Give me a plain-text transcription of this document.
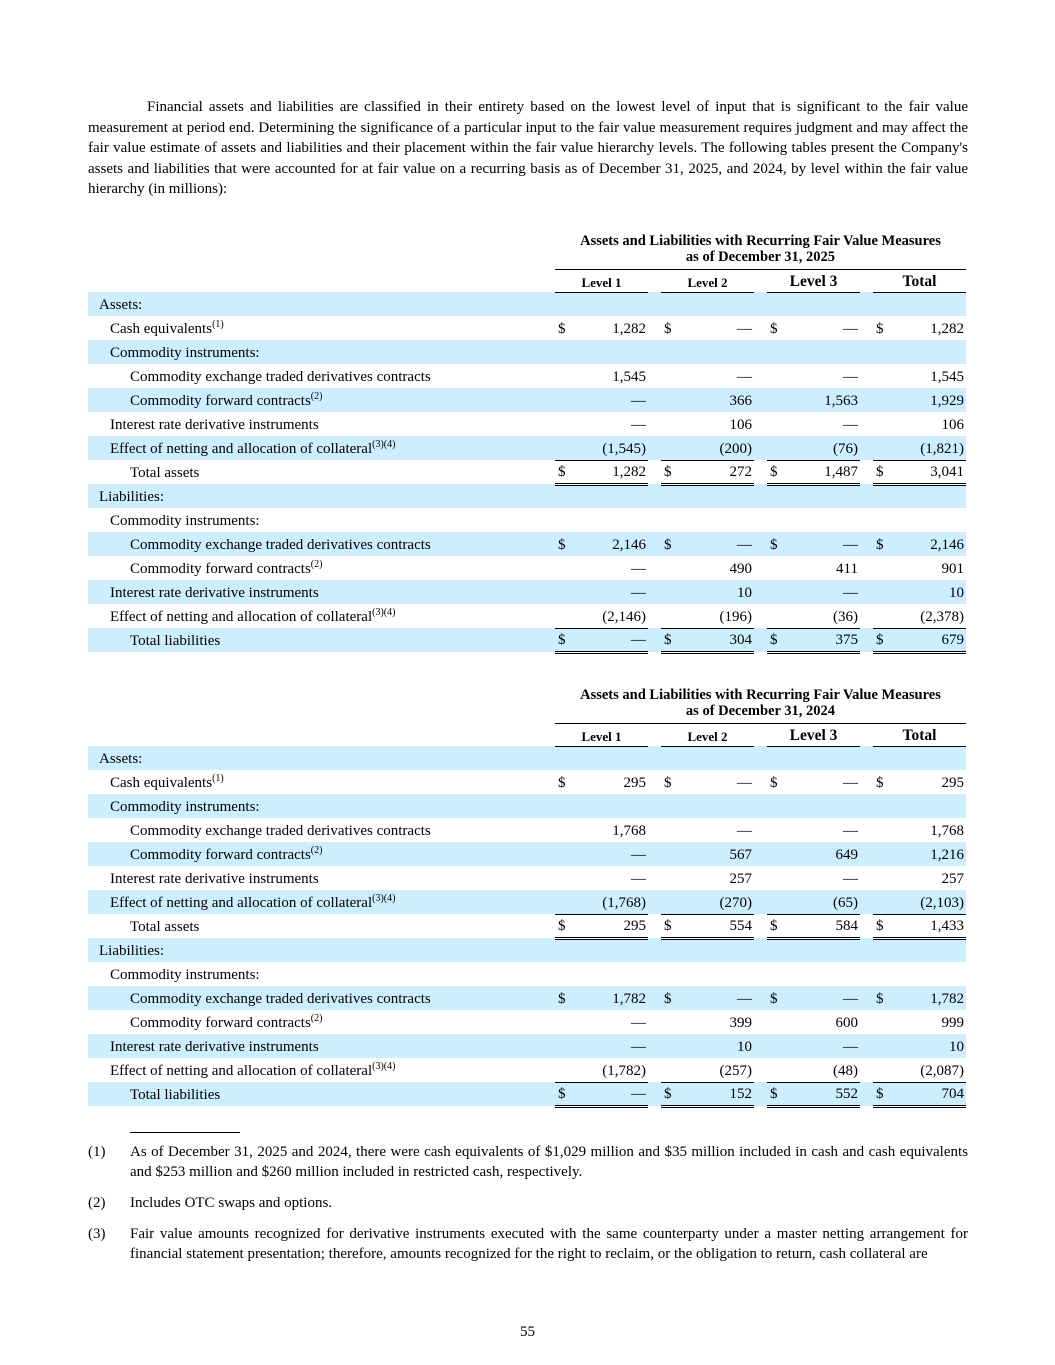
Financial assets and liabilities are classified in their entirety based on the lowest level of input that is significant to the fair value measurement at period end. Determining the significance of a particular input to the fair value measurement requires judgment and may affect the fair value estimate of assets and liabilities and their placement within the fair value hierarchy levels. The following tables present the Company's assets and liabilities that were accounted for at fair value on a recurring basis as of December 31, 2025, and 2024, by level within the fair value hierarchy (in millions):

	Assets and Liabilities with Recurring Fair Value Measures
as of December 31, 2025										

	Level 1			Level 2			Level 3			Total	
Assets:											
Cash equivalents$^{(1)}$	$	1,282		$	—		$	—		$	1,282
Commodity instruments:											
Commodity exchange traded derivatives contracts		1,545			—			—			1,545
Commodity forward contracts$^{(2)}$		—			366			1,563			1,929
Interest rate derivative instruments		—			106			—			106
Effect of netting and allocation of collateral$^{(3)(4)}$		(1,545)			(200)			(76)			(1,821)
Total assets	$	1,282		$	272		$	1,487		$	3,041
Liabilities:											
Commodity instruments:											
Commodity exchange traded derivatives contracts	$	2,146		$	—		$	—		$	2,146
Commodity forward contracts$^{(2)}$		—			490			411			901
Interest rate derivative instruments		—			10			—			10
Effect of netting and allocation of collateral$^{(3)(4)}$		(2,146)			(196)			(36)			(2,378)
Total liabilities	$	—		$	304		$	375		$	679

	Assets and Liabilities with Recurring Fair Value Measures
as of December 31, 2024										

	Level 1			Level 2			Level 3			Total	
Assets:											
Cash equivalents$^{(1)}$	$	295		$	—		$	—		$	295
Commodity instruments:											
Commodity exchange traded derivatives contracts		1,768			—			—			1,768
Commodity forward contracts$^{(2)}$		—			567			649			1,216
Interest rate derivative instruments		—			257			—			257
Effect of netting and allocation of collateral$^{(3)(4)}$		(1,768)			(270)			(65)			(2,103)
Total assets	$	295		$	554		$	584		$	1,433
Liabilities:											
Commodity instruments:											
Commodity exchange traded derivatives contracts	$	1,782		$	—		$	—		$	1,782
Commodity forward contracts$^{(2)}$		—			399			600			999
Interest rate derivative instruments		—			10			—			10
Effect of netting and allocation of collateral$^{(3)(4)}$		(1,782)			(257)			(48)			(2,087)
Total liabilities	$	—		$	152		$	552		$	704
(1)	As of December 31, 2025 and 2024, there were cash equivalents of $1,029 million and $35 million included in cash and cash equivalents and $253 million and $260 million included in restricted cash, respectively.
(2)	Includes OTC swaps and options.
(3)	Fair value amounts recognized for derivative instruments executed with the same counterparty under a master netting arrangement for financial statement presentation; therefore, amounts recognized for the right to reclaim, or the obligation to return, cash collateral are
55
